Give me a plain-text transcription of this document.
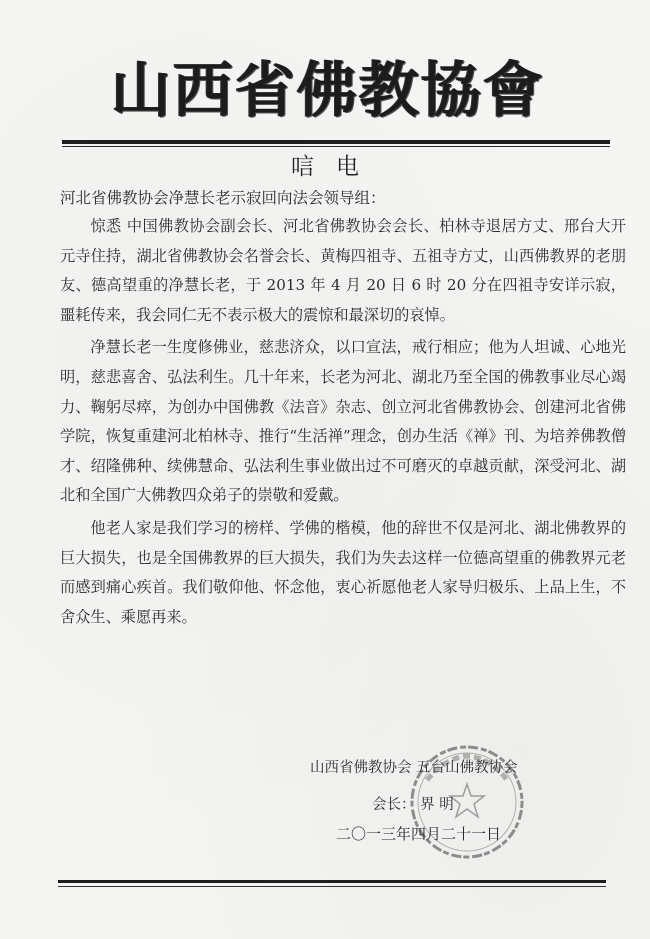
山西省佛教協會
唁电
河北省佛教协会净慧长老示寂回向法会领导组：

惊悉 中国佛教协会副会长、河北省佛教协会会长、柏林寺退居方丈、邢台大开元寺住持，湖北省佛教协会名誉会长、黄梅四祖寺、五祖寺方丈，山西佛教界的老朋友、德高望重的净慧长老，于 2013 年 4 月 20 日 6 时 20 分在四祖寺安详示寂，噩耗传来，我会同仁无不表示极大的震惊和最深切的哀悼。

净慧长老一生度修佛业，慈悲济众，以口宣法，戒行相应；他为人坦诚、心地光明，慈悲喜舍、弘法利生。几十年来，长老为河北、湖北乃至全国的佛教事业尽心竭力、鞠躬尽瘁，为创办中国佛教《法音》杂志、创立河北省佛教协会、创建河北省佛学院，恢复重建河北柏林寺、推行“生活禅”理念，创办生活《禅》刊、为培养佛教僧才、绍隆佛种、续佛慧命、弘法利生事业做出过不可磨灭的卓越贡献，深受河北、湖北和全国广大佛教四众弟子的崇敬和爱戴。

他老人家是我们学习的榜样、学佛的楷模，他的辞世不仅是河北、湖北佛教界的巨大损失，也是全国佛教界的巨大损失，我们为失去这样一位德高望重的佛教界元老而感到痛心疾首。我们敬仰他、怀念他，衷心祈愿他老人家导归极乐、上品上生，不舍众生、乘愿再来。

山西省佛教协会 五台山佛教协会
会长： 界 明
二〇一三年四月二十一日
